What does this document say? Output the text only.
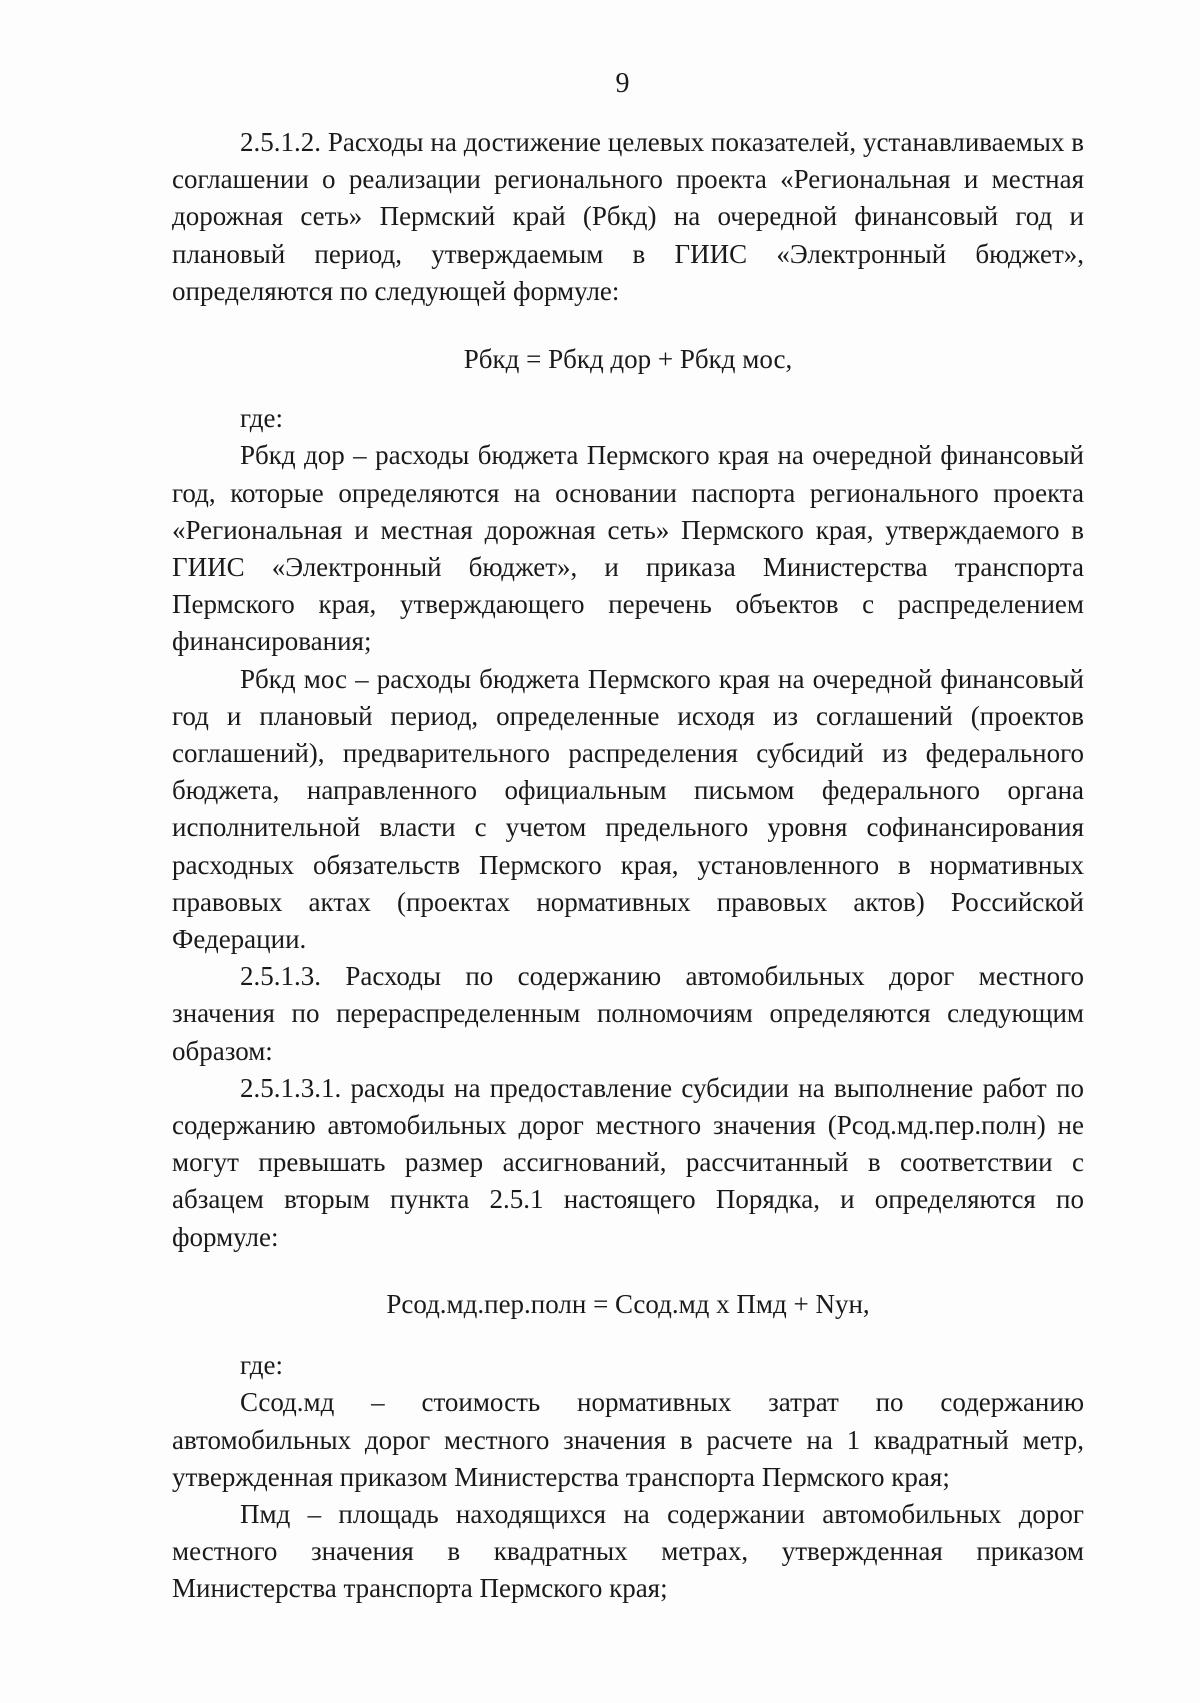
9

2.5.1.2. Расходы на достижение целевых показателей, устанавливаемых в соглашении о реализации регионального проекта «Региональная и местная дорожная сеть» Пермский край (Рбкд) на очередной финансовый год и плановый период, утверждаемым в ГИИС «Электронный бюджет», определяются по следующей формуле:

Рбкд = Рбкд дор + Рбкд мос,

где:

Рбкд дор – расходы бюджета Пермского края на очередной финансовый год, которые определяются на основании паспорта регионального проекта «Региональная и местная дорожная сеть» Пермского края, утверждаемого в ГИИС «Электронный бюджет», и приказа Министерства транспорта Пермского края, утверждающего перечень объектов с распределением финансирования;

Рбкд мос – расходы бюджета Пермского края на очередной финансовый год и плановый период, определенные исходя из соглашений (проектов соглашений), предварительного распределения субсидий из федерального бюджета, направленного официальным письмом федерального органа исполнительной власти с учетом предельного уровня софинансирования расходных обязательств Пермского края, установленного в нормативных правовых актах (проектах нормативных правовых актов) Российской Федерации.

2.5.1.3. Расходы по содержанию автомобильных дорог местного значения по перераспределенным полномочиям определяются следующим образом:

2.5.1.3.1. расходы на предоставление субсидии на выполнение работ по содержанию автомобильных дорог местного значения (Рсод.мд.пер.полн) не могут превышать размер ассигнований, рассчитанный в соответствии с абзацем вторым пункта 2.5.1 настоящего Порядка, и определяются по формуле:

Рсод.мд.пер.полн = Ссод.мд х Пмд + Nун,

где:

Ссод.мд – стоимость нормативных затрат по содержанию автомобильных дорог местного значения в расчете на 1 квадратный метр, утвержденная приказом Министерства транспорта Пермского края;

Пмд – площадь находящихся на содержании автомобильных дорог местного значения в квадратных метрах, утвержденная приказом Министерства транспорта Пермского края;
